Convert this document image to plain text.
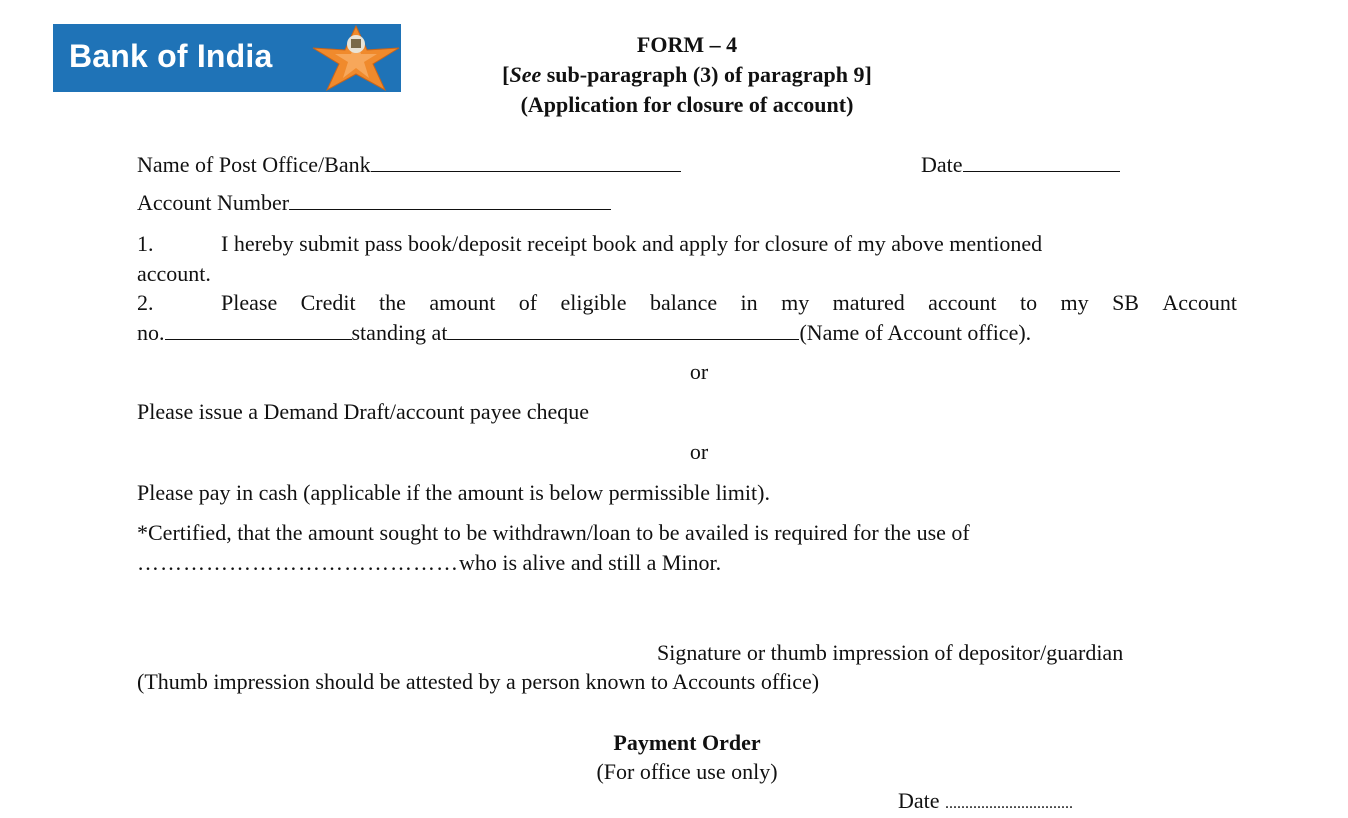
Bank of India	FORM – 4
[See sub-paragraph (3) of paragraph 9]
(Application for closure of account)
Name of Post Office/Bank	Date
Account Number
1.	I hereby submit pass book/deposit receipt book and apply for closure of my above mentioned
account.
2.	Please Credit the amount of eligible balance in my matured account to my SB Account
no.	standing at	(Name of Account office).
or
Please issue a Demand Draft/account payee cheque
or
Please pay in cash (applicable if the amount is below permissible limit).
*Certified, that the amount sought to be withdrawn/loan to be availed is required for the use of
……………………………………who is alive and still a Minor.
Signature or thumb impression of depositor/guardian
(Thumb impression should be attested by a person known to Accounts office)
Payment Order
(For office use only)
Date ................................
